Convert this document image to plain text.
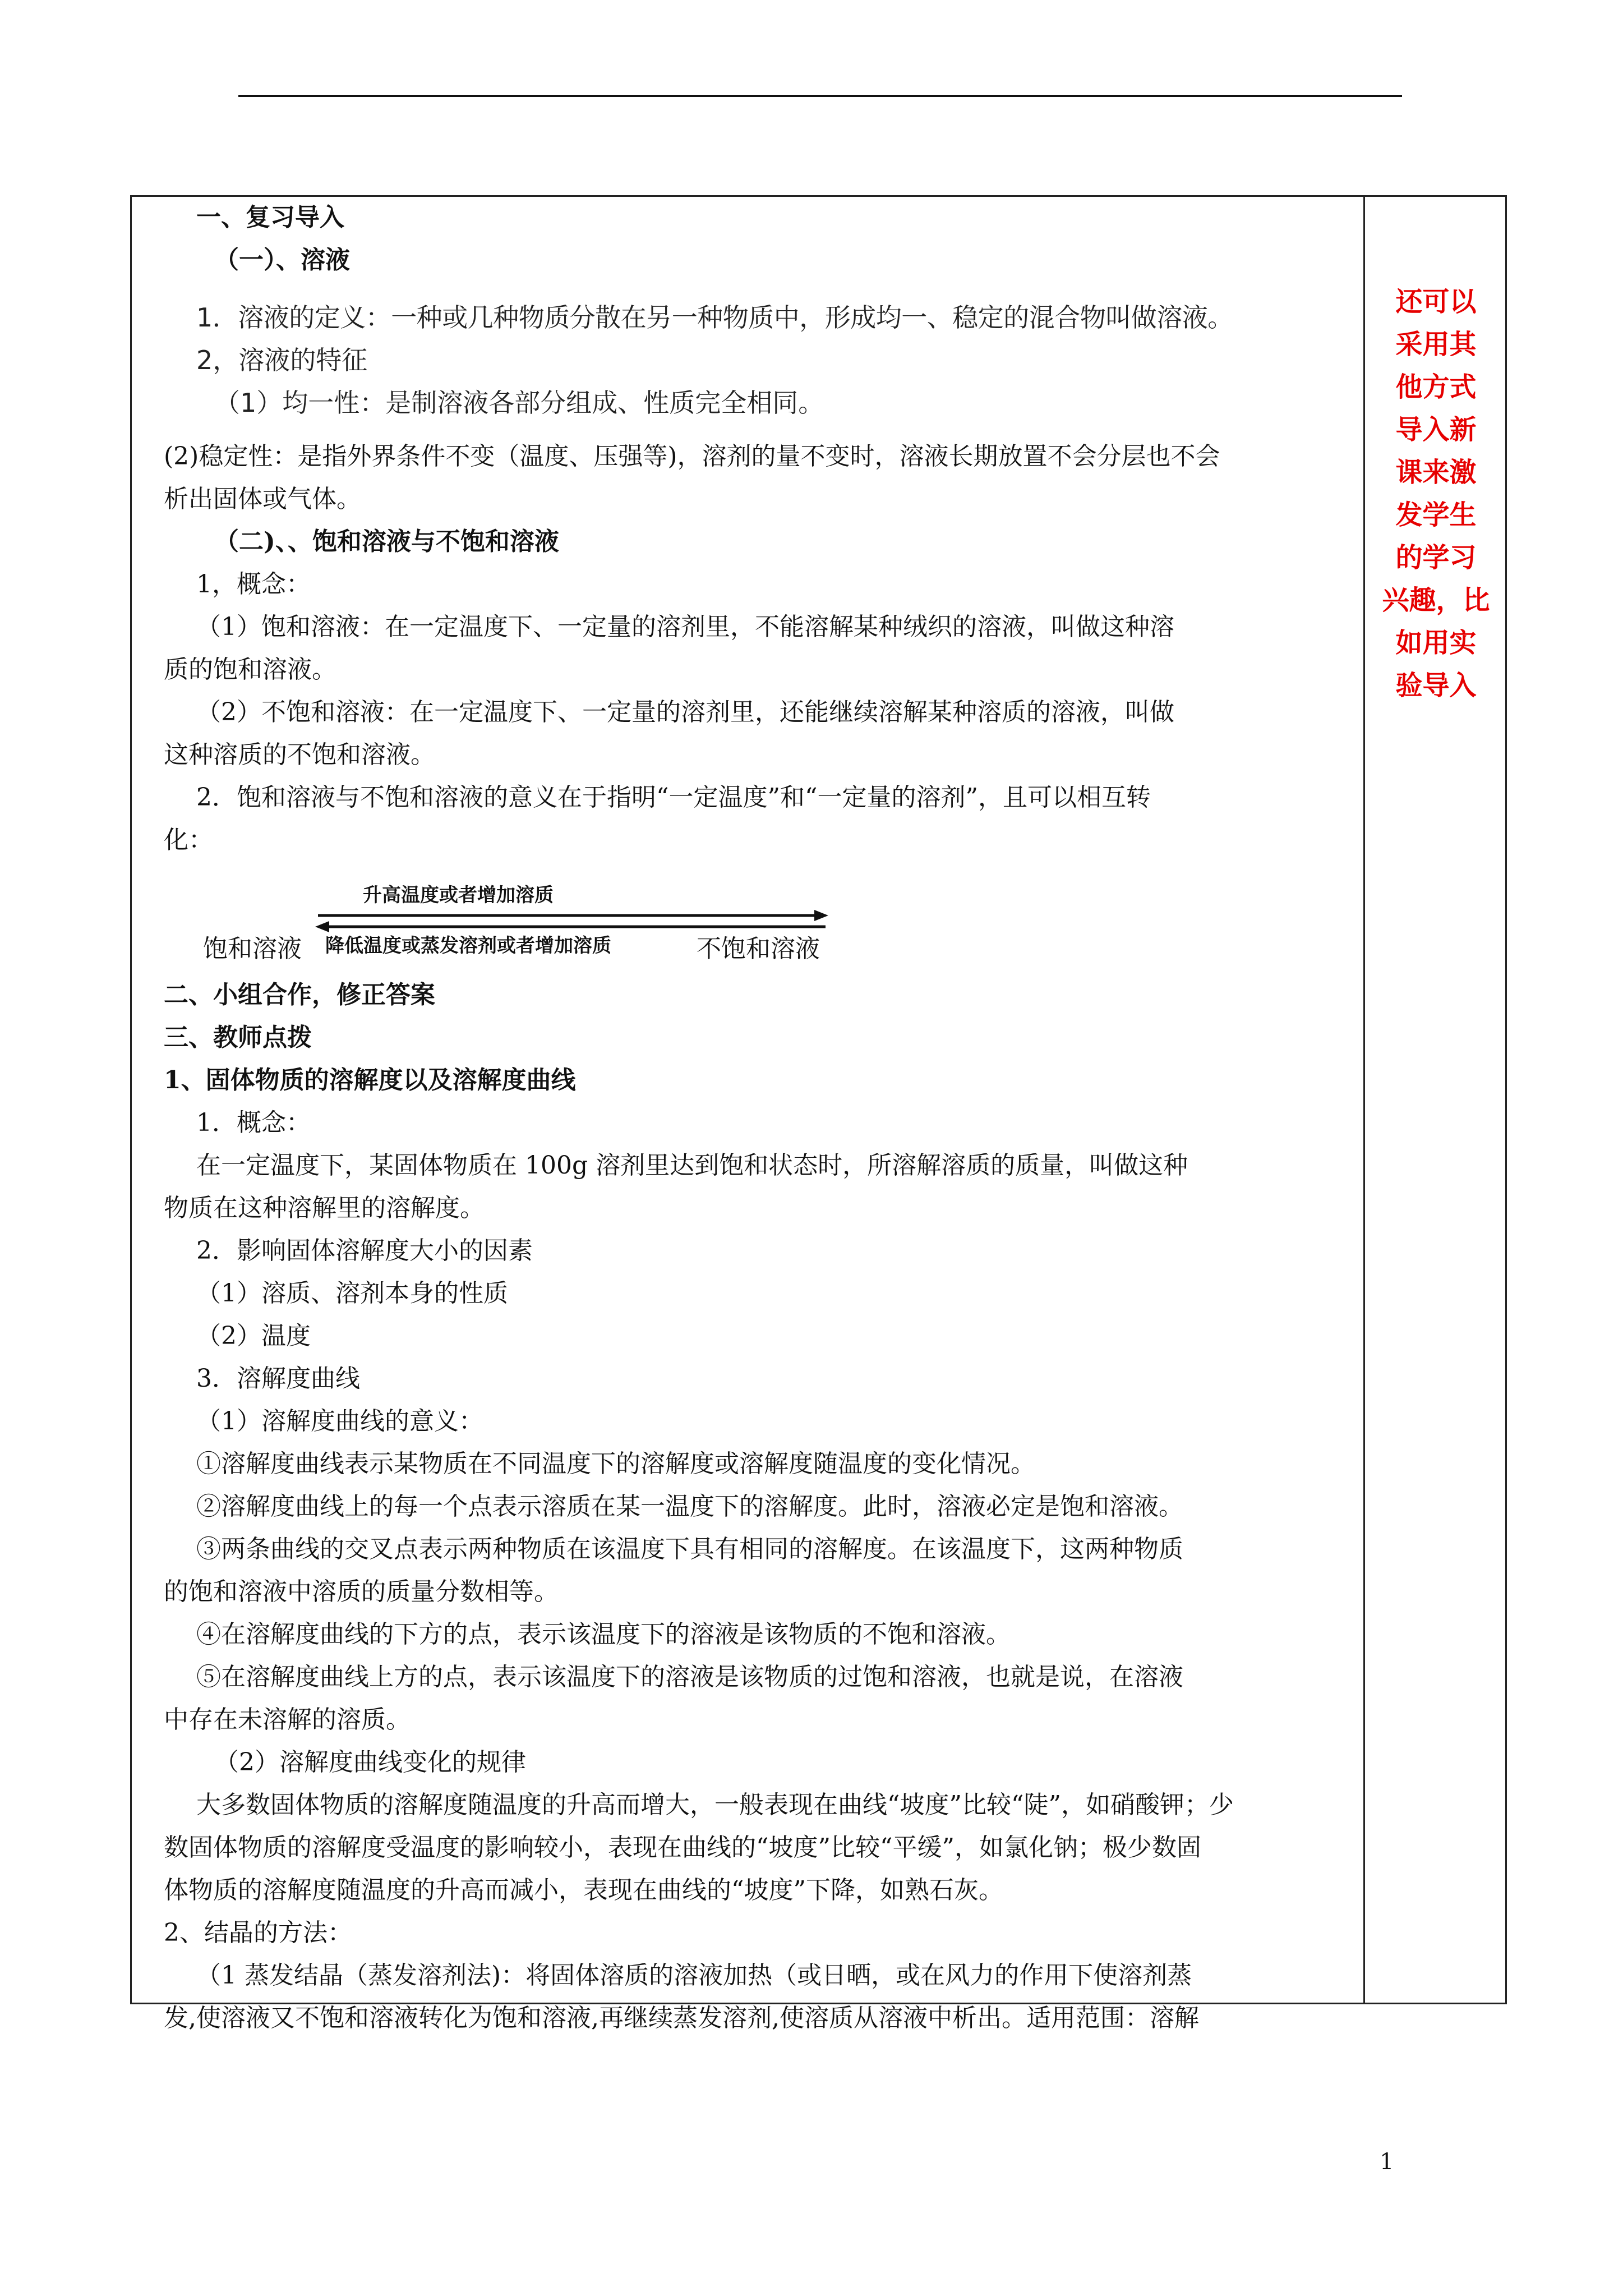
一、复习导入

（一）、溶液

1．溶液的定义：一种或几种物质分散在另一种物质中，形成均一、稳定的混合物叫做溶液。

2，溶液的特征

（1）均一性：是制溶液各部分组成、性质完全相同。

(2)稳定性：是指外界条件不变（温度、压强等)，溶剂的量不变时，溶液长期放置不会分层也不会

析出固体或气体。

（二)、、饱和溶液与不饱和溶液

1，概念：

（1）饱和溶液：在一定温度下、一定量的溶剂里，不能溶解某种绒织的溶液，叫做这种溶

质的饱和溶液。

（2）不饱和溶液：在一定温度下、一定量的溶剂里，还能继续溶解某种溶质的溶液，叫做

这种溶质的不饱和溶液。

2．饱和溶液与不饱和溶液的意义在于指明“一定温度”和“一定量的溶剂”，且可以相互转

化：

升高温度或者增加溶质
饱和溶液 降低温度或蒸发溶剂或者增加溶质	不饱和溶液

二、小组合作，修正答案

三、教师点拨

1、固体物质的溶解度以及溶解度曲线

1．概念：

在一定温度下，某固体物质在 100g 溶剂里达到饱和状态时，所溶解溶质的质量，叫做这种

物质在这种溶解里的溶解度。

2．影响固体溶解度大小的因素

（1）溶质、溶剂本身的性质

（2）温度

3．溶解度曲线

（1）溶解度曲线的意义：

①溶解度曲线表示某物质在不同温度下的溶解度或溶解度随温度的变化情况。

②溶解度曲线上的每一个点表示溶质在某一温度下的溶解度。此时，溶液必定是饱和溶液。

③两条曲线的交叉点表示两种物质在该温度下具有相同的溶解度。在该温度下，这两种物质

的饱和溶液中溶质的质量分数相等。

④在溶解度曲线的下方的点，表示该温度下的溶液是该物质的不饱和溶液。

⑤在溶解度曲线上方的点，表示该温度下的溶液是该物质的过饱和溶液，也就是说，在溶液

中存在未溶解的溶质。

（2）溶解度曲线变化的规律

大多数固体物质的溶解度随温度的升高而增大，一般表现在曲线“坡度”比较“陡”，如硝酸钾；少

数固体物质的溶解度受温度的影响较小，表现在曲线的“坡度”比较“平缓”，如氯化钠；极少数固

体物质的溶解度随温度的升高而减小，表现在曲线的“坡度”下降，如熟石灰。

2、结晶的方法：

（1 蒸发结晶（蒸发溶剂法)：将固体溶质的溶液加热（或日晒，或在风力的作用下使溶剂蒸

发,使溶液又不饱和溶液转化为饱和溶液,再继续蒸发溶剂,使溶质从溶液中析出。适用范围：溶解

还可以
采用其
他方式
导入新
课来激
发学生
的学习
兴趣，比
如用实
验导入
1
